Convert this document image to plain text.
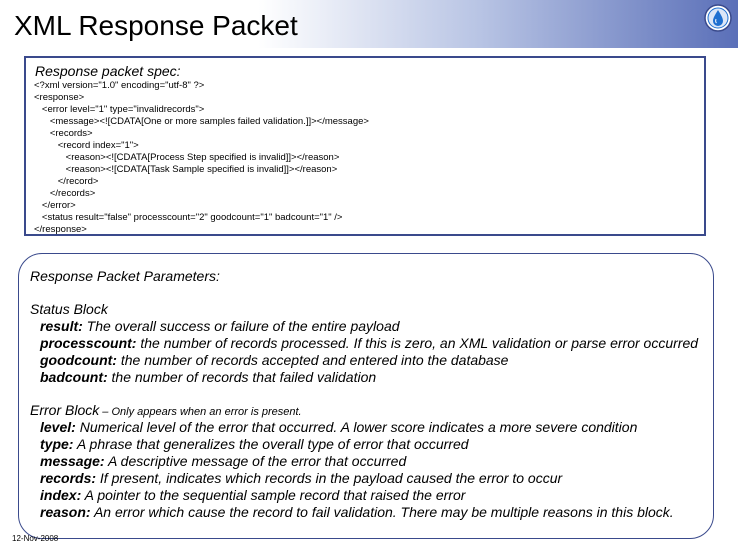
XML Response Packet
Response packet spec:
<?xml version="1.0" encoding="utf-8" ?>
<response>
<error level="1" type="invalidrecords">
<message><![CDATA[One or more samples failed validation.]]></message>
<records>
<record index="1">
<reason><![CDATA[Process Step specified is invalid]]></reason>
<reason><![CDATA[Task Sample specified is invalid]]></reason>
</record>
</records>
</error>
<status result="false" processcount="2" goodcount="1" badcount="1" />
</response>
Response Packet Parameters:
Status Block
result: The overall success or failure of the entire payload
processcount: the number of records processed. If this is zero, an XML validation or parse error occurred
goodcount: the number of records accepted and entered into the database
badcount: the number of records that failed validation
Error Block – Only appears when an error is present.
level: Numerical level of the error that occurred. A lower score indicates a more severe condition
type: A phrase that generalizes the overall type of error that occurred
message: A descriptive message of the error that occurred
records: If present, indicates which records in the payload caused the error to occur
index: A pointer to the sequential sample record that raised the error
reason: An error which cause the record to fail validation. There may be multiple reasons in this block.
12-Nov-2008
